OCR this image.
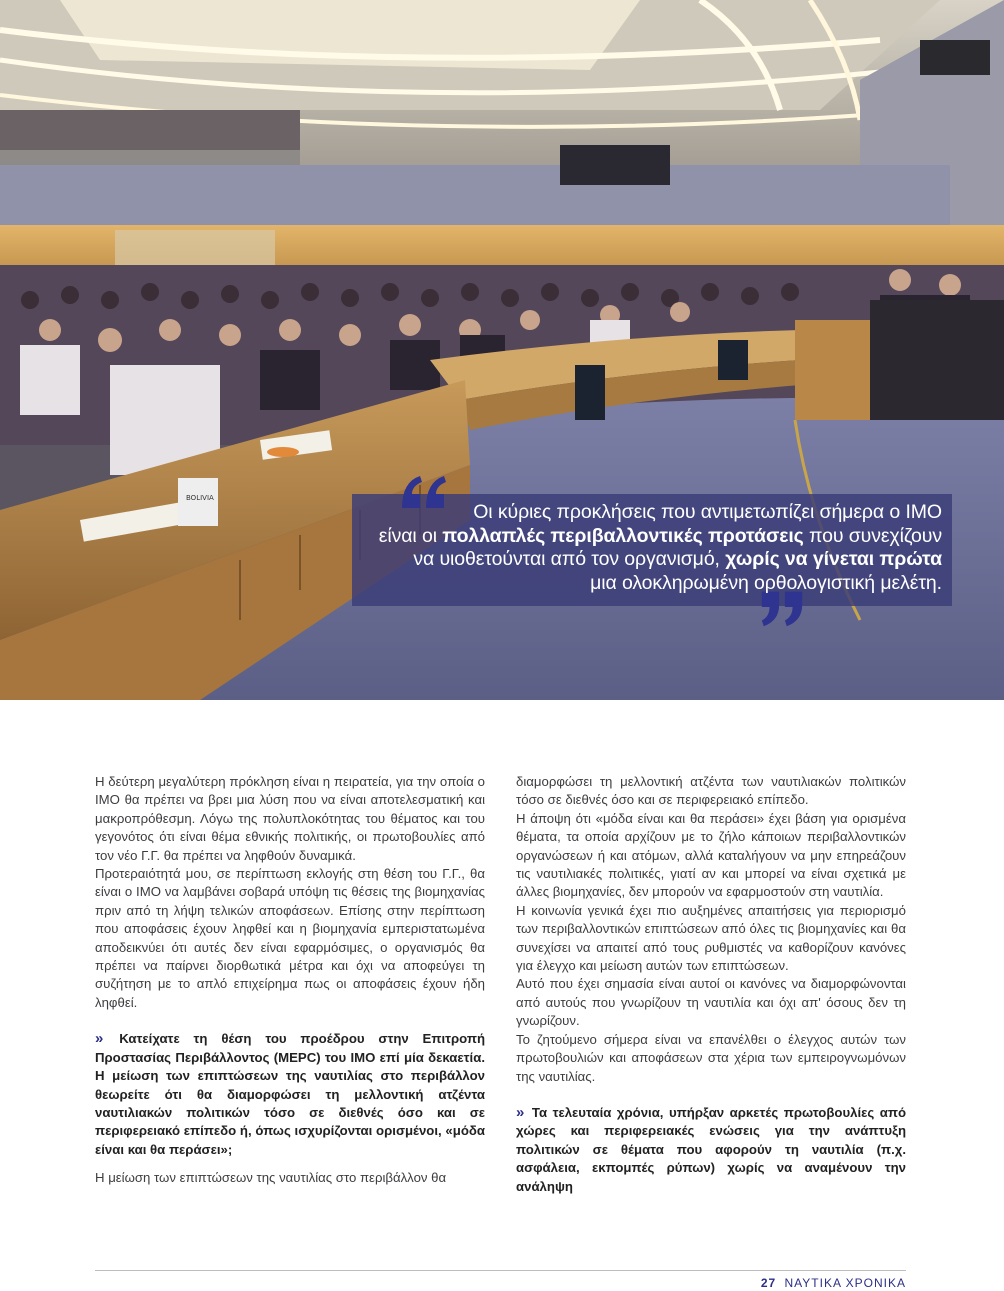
BOLIVIA
Οι κύριες προκλήσεις που αντιμετωπίζει σήμερα ο ΙΜΟ
είναι οι πολλαπλές περιβαλλοντικές προτάσεις που συνεχίζουν
να υιοθετούνται από τον οργανισμό, χωρίς να γίνεται πρώτα
μια ολοκληρωμένη ορθολογιστική μελέτη.

Η δεύτερη μεγαλύτερη πρόκληση είναι η πειρατεία, για την οποία ο ΙΜΟ θα πρέπει να βρει μια λύση που να είναι αποτελεσματική και μακροπρόθεσμη. Λόγω της πολυπλοκότητας του θέματος και του γεγονότος ότι είναι θέμα εθνικής πολιτικής, οι πρωτοβουλίες από τον νέο Γ.Γ. θα πρέπει να ληφθούν δυναμικά.

Προτεραιότητά μου, σε περίπτωση εκλογής στη θέση του Γ.Γ., θα είναι ο ΙΜΟ να λαμβάνει σοβαρά υπόψη τις θέσεις της βιομηχανίας πριν από τη λήψη τελικών αποφάσεων. Επίσης στην περίπτωση που αποφάσεις έχουν ληφθεί και η βιομηχανία εμπεριστατωμένα αποδεικνύει ότι αυτές δεν είναι εφαρμόσιμες, ο οργανισμός θα πρέπει να παίρνει διορθωτικά μέτρα και όχι να αποφεύγει τη συζήτηση με το απλό επιχείρημα πως οι αποφάσεις έχουν ήδη ληφθεί.

» Κατείχατε τη θέση του προέδρου στην Επιτροπή Προστασίας Περιβάλλοντος (MEPC) του ΙΜΟ επί μία δεκαετία. Η μείωση των επιπτώσεων της ναυτιλίας στο περιβάλλον θεωρείτε ότι θα διαμορφώσει τη μελλοντική ατζέντα ναυτιλιακών πολιτικών τόσο σε διεθνές όσο και σε περιφερειακό επίπεδο ή, όπως ισχυρίζονται ορισμένοι, «μόδα είναι και θα περάσει»;

Η μείωση των επιπτώσεων της ναυτιλίας στο περιβάλλον θα

διαμορφώσει τη μελλοντική ατζέντα των ναυτιλιακών πολιτικών τόσο σε διεθνές όσο και σε περιφερειακό επίπεδο.

Η άποψη ότι «μόδα είναι και θα περάσει» έχει βάση για ορισμένα θέματα, τα οποία αρχίζουν με το ζήλο κάποιων περιβαλλοντικών οργανώσεων ή και ατόμων, αλλά καταλήγουν να μην επηρεάζουν τις ναυτιλιακές πολιτικές, γιατί αν και μπορεί να είναι σχετικά με άλλες βιομηχανίες, δεν μπορούν να εφαρμοστούν στη ναυτιλία.

Η κοινωνία γενικά έχει πιο αυξημένες απαιτήσεις για περιορισμό των περιβαλλοντικών επιπτώσεων από όλες τις βιομηχανίες και θα συνεχίσει να απαιτεί από τους ρυθμιστές να καθορίζουν κανόνες για έλεγχο και μείωση αυτών των επιπτώσεων.

Αυτό που έχει σημασία είναι αυτοί οι κανόνες να διαμορφώνονται από αυτούς που γνωρίζουν τη ναυτιλία και όχι απ' όσους δεν τη γνωρίζουν.

Το ζητούμενο σήμερα είναι να επανέλθει ο έλεγχος αυτών των πρωτοβουλιών και αποφάσεων στα χέρια των εμπειρογνωμόνων της ναυτιλίας.

» Τα τελευταία χρόνια, υπήρξαν αρκετές πρωτοβουλίες από χώρες και περιφερειακές ενώσεις για την ανάπτυξη πολιτικών σε θέματα που αφορούν τη ναυτιλία (π.χ. ασφάλεια, εκπομπές ρύπων) χωρίς να αναμένουν την ανάληψη

27 ΝΑΥΤΙΚΑ ΧΡΟΝΙΚΑ
